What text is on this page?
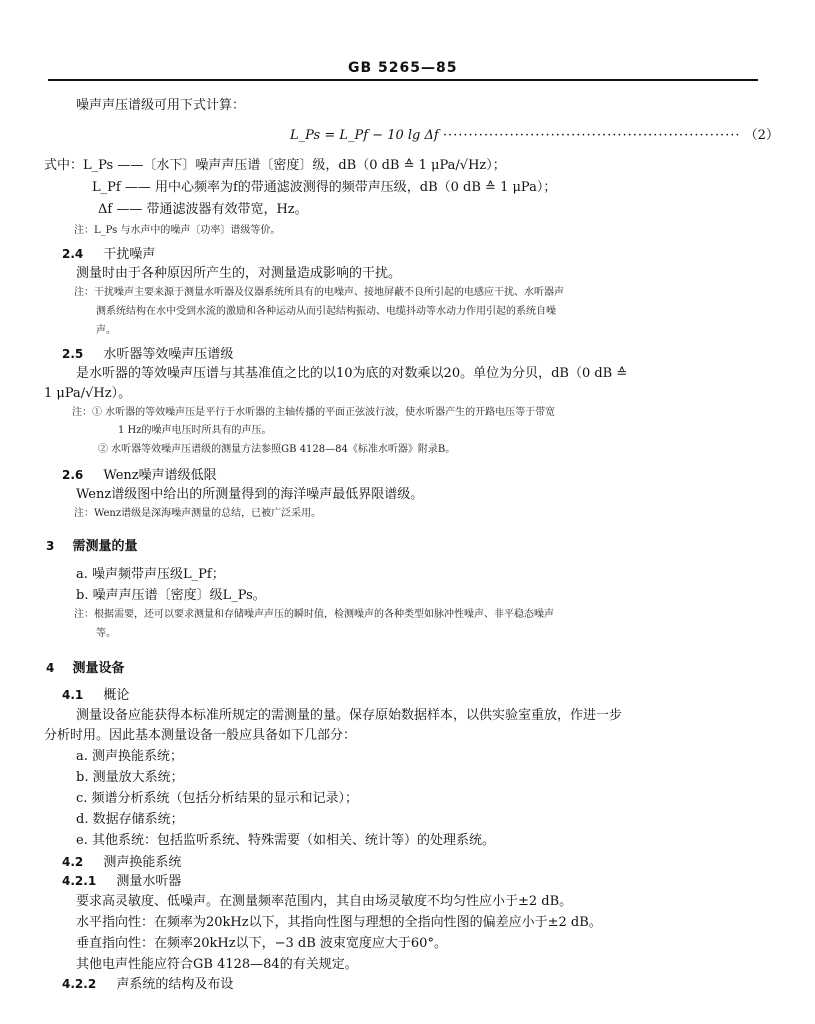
GB 5265—85
噪声声压谱级可用下式计算：
L_Ps = L_Pf − 10 lg Δf ·························································· （2）
式中：L_Ps ——〔水下〕噪声声压谱〔密度〕级，dB（0 dB ≙ 1 μPa/√Hz）；
L_Pf —— 用中心频率为f的带通滤波测得的频带声压级，dB（0 dB ≙ 1 μPa）；
Δf —— 带通滤波器有效带宽，Hz。
注：L_Ps 与水声中的噪声〔功率〕谱级等价。
2.4 干扰噪声
测量时由于各种原因所产生的，对测量造成影响的干扰。
注：干扰噪声主要来源于测量水听器及仪器系统所具有的电噪声、接地屏蔽不良所引起的电感应干扰、水听器声
测系统结构在水中受到水流的激励和各种运动从而引起结构振动、电缆抖动等水动力作用引起的系统自噪
声。
2.5 水听器等效噪声压谱级
是水听器的等效噪声压谱与其基准值之比的以10为底的对数乘以20。单位为分贝，dB（0 dB ≙
1 μPa/√Hz）。
注：① 水听器的等效噪声压是平行于水听器的主轴传播的平面正弦波行波，使水听器产生的开路电压等于带宽
1 Hz的噪声电压时所具有的声压。
② 水听器等效噪声压谱级的测量方法参照GB 4128—84《标准水听器》附录B。
2.6 Wenz噪声谱级低限
Wenz谱级图中给出的所测量得到的海洋噪声最低界限谱级。
注：Wenz谱级是深海噪声测量的总结，已被广泛采用。
3 需测量的量
a. 噪声频带声压级L_Pf；
b. 噪声声压谱〔密度〕级L_Ps。
注：根据需要，还可以要求测量和存储噪声声压的瞬时值，检测噪声的各种类型如脉冲性噪声、非平稳态噪声
等。
4 测量设备
4.1 概论
测量设备应能获得本标准所规定的需测量的量。保存原始数据样本，以供实验室重放，作进一步
分析时用。因此基本测量设备一般应具备如下几部分：
a. 测声换能系统；
b. 测量放大系统；
c. 频谱分析系统（包括分析结果的显示和记录）；
d. 数据存储系统；
e. 其他系统：包括监听系统、特殊需要（如相关、统计等）的处理系统。
4.2 测声换能系统
4.2.1 测量水听器
要求高灵敏度、低噪声。在测量频率范围内，其自由场灵敏度不均匀性应小于±2 dB。
水平指向性：在频率为20kHz以下，其指向性图与理想的全指向性图的偏差应小于±2 dB。
垂直指向性：在频率20kHz以下，−3 dB 波束宽度应大于60°。
其他电声性能应符合GB 4128—84的有关规定。
4.2.2 声系统的结构及布设
